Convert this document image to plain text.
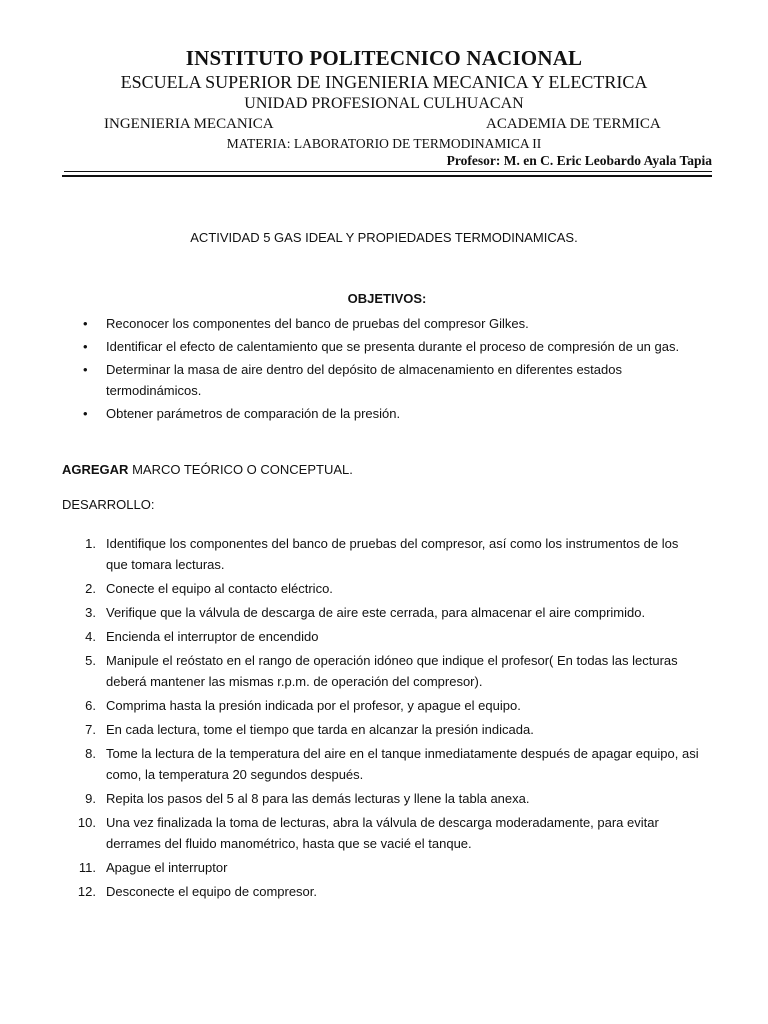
INSTITUTO POLITECNICO NACIONAL
ESCUELA SUPERIOR DE INGENIERIA MECANICA Y ELECTRICA
UNIDAD PROFESIONAL CULHUACAN
INGENIERIA MECANICA	ACADEMIA DE TERMICA
MATERIA: LABORATORIO DE TERMODINAMICA II
Profesor: M. en C. Eric Leobardo Ayala Tapia
ACTIVIDAD 5 GAS IDEAL Y PROPIEDADES TERMODINAMICAS.
OBJETIVOS:
• Reconocer los componentes del banco de pruebas del compresor Gilkes.
• Identificar el efecto de calentamiento que se presenta durante el proceso de compresión de un gas.
• Determinar la masa de aire dentro del depósito de almacenamiento en diferentes estados termodinámicos.
• Obtener parámetros de comparación de la presión.
AGREGAR MARCO TEÓRICO O CONCEPTUAL.
DESARROLLO:
1. Identifique los componentes del banco de pruebas del compresor, así como los instrumentos de los que tomara lecturas.
2. Conecte el equipo al contacto eléctrico.
3. Verifique que la válvula de descarga de aire este cerrada, para almacenar el aire comprimido.
4. Encienda el interruptor de encendido
5. Manipule el reóstato en el rango de operación idóneo que indique el profesor( En todas las lecturas deberá mantener las mismas r.p.m. de operación del compresor).
6. Comprima hasta la presión indicada por el profesor, y apague el equipo.
7. En cada lectura, tome el tiempo que tarda en alcanzar la presión indicada.
8. Tome la lectura de la temperatura del aire en el tanque inmediatamente después de apagar equipo, asi como, la temperatura 20 segundos después.
9. Repita los pasos del 5 al 8 para las demás lecturas y llene la tabla anexa.
10. Una vez finalizada la toma de lecturas, abra la válvula de descarga moderadamente, para evitar derrames del fluido manométrico, hasta que se vacié el tanque.
11. Apague el interruptor
12. Desconecte el equipo de compresor.
